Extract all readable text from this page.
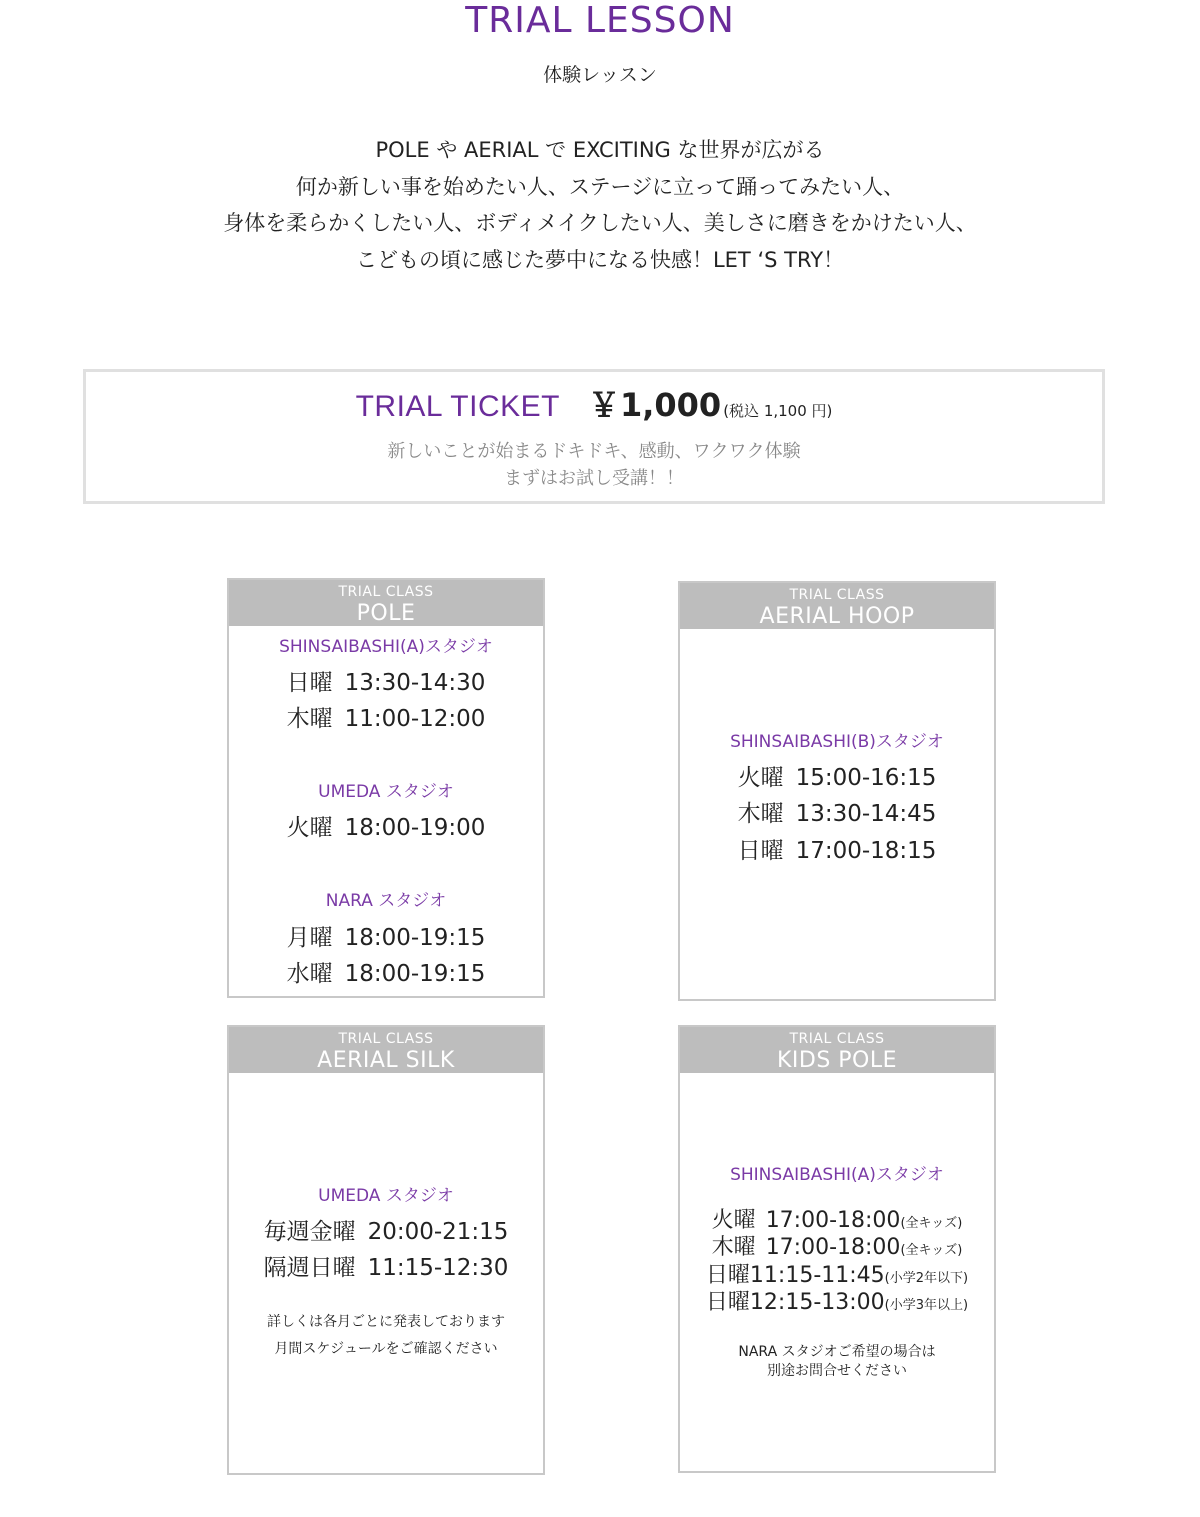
TRIAL LESSON
体験レッスン
POLE や AERIAL で EXCITING な世界が広がる
何か新しい事を始めたい人、ステージに立って踊ってみたい人、
身体を柔らかくしたい人、ボディメイクしたい人、美しさに磨きをかけたい人、
こどもの頃に感じた夢中になる快感！LET ‘S TRY！
TRIAL TICKET ￥1,000 (税込 1,100 円)
新しいことが始まるドキドキ、感動、ワクワク体験
まずはお試し受講！！
TRIAL CLASS
POLE
SHINSAIBASHI(A)スタジオ
日曜 13:30-14:30
木曜 11:00-12:00
UMEDA スタジオ
火曜 18:00-19:00
NARA スタジオ
月曜 18:00-19:15
水曜 18:00-19:15
TRIAL CLASS
AERIAL HOOP
SHINSAIBASHI(B)スタジオ
火曜 15:00-16:15
木曜 13:30-14:45
日曜 17:00-18:15
TRIAL CLASS
AERIAL SILK
UMEDA スタジオ
毎週金曜 20:00-21:15
隔週日曜 11:15-12:30
詳しくは各月ごとに発表しております
月間スケジュールをご確認ください
TRIAL CLASS
KIDS POLE
SHINSAIBASHI(A)スタジオ
火曜 17:00-18:00(全キッズ)
木曜 17:00-18:00(全キッズ)
日曜11:15-11:45(小学2年以下)
日曜12:15-13:00(小学3年以上)
NARA スタジオご希望の場合は
別途お問合せください
